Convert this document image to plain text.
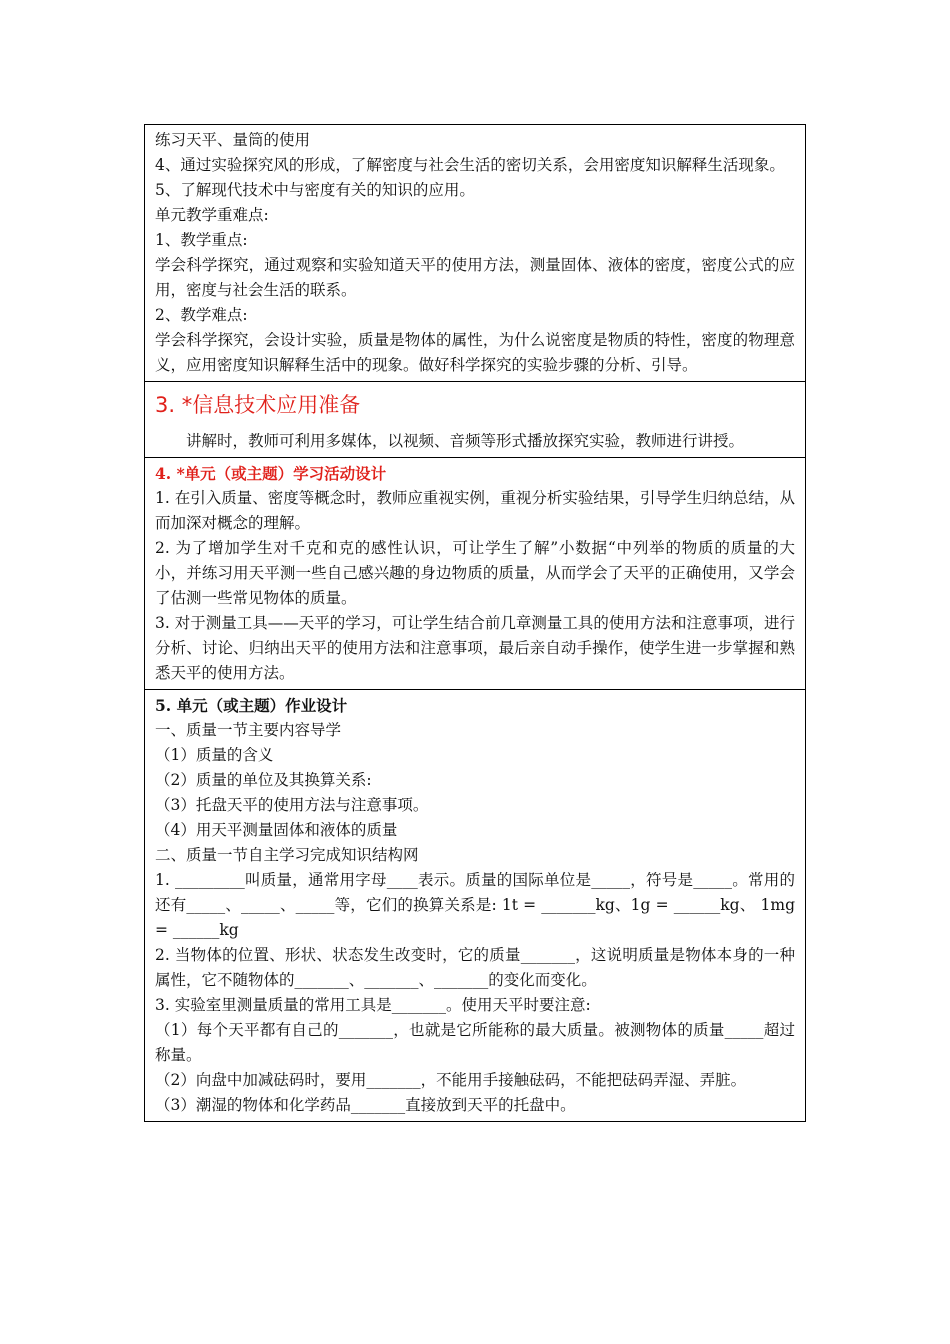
练习天平、量筒的使用

4、通过实验探究风的形成，了解密度与社会生活的密切关系，会用密度知识解释生活现象。

5、了解现代技术中与密度有关的知识的应用。

单元教学重难点:

1、教学重点:

学会科学探究，通过观察和实验知道天平的使用方法，测量固体、液体的密度，密度公式的应用，密度与社会生活的联系。

2、教学难点:

学会科学探究，会设计实验，质量是物体的属性，为什么说密度是物质的特性，密度的物理意义，应用密度知识解释生活中的现象。做好科学探究的实验步骤的分析、引导。

3. *信息技术应用准备

讲解时，教师可利用多媒体，以视频、音频等形式播放探究实验，教师进行讲授。

4. *单元（或主题）学习活动设计

1. 在引入质量、密度等概念时，教师应重视实例，重视分析实验结果，引导学生归纳总结，从而加深对概念的理解。

2. 为了增加学生对千克和克的感性认识，可让学生了解”小数据“中列举的物质的质量的大小，并练习用天平测一些自己感兴趣的身边物质的质量，从而学会了天平的正确使用，又学会了估测一些常见物体的质量。

3. 对于测量工具——天平的学习，可让学生结合前几章测量工具的使用方法和注意事项，进行分析、讨论、归纳出天平的使用方法和注意事项，最后亲自动手操作，使学生进一步掌握和熟悉天平的使用方法。

5. 单元（或主题）作业设计

一、质量一节主要内容导学

（1）质量的含义

（2）质量的单位及其换算关系:

（3）托盘天平的使用方法与注意事项。

（4）用天平测量固体和液体的质量

二、质量一节自主学习完成知识结构网

1. _________叫质量，通常用字母____表示。质量的国际单位是_____，符号是_____。常用的还有_____、_____、_____等，它们的换算关系是: 1t = _______kg、1g = ______kg、 1mg = ______kg

2. 当物体的位置、形状、状态发生改变时，它的质量_______，这说明质量是物体本身的一种属性，它不随物体的_______、_______、_______的变化而变化。

3. 实验室里测量质量的常用工具是_______。使用天平时要注意:

（1）每个天平都有自己的_______，也就是它所能称的最大质量。被测物体的质量_____超过称量。

（2）向盘中加减砝码时，要用_______，不能用手接触砝码，不能把砝码弄湿、弄脏。

（3）潮湿的物体和化学药品_______直接放到天平的托盘中。
